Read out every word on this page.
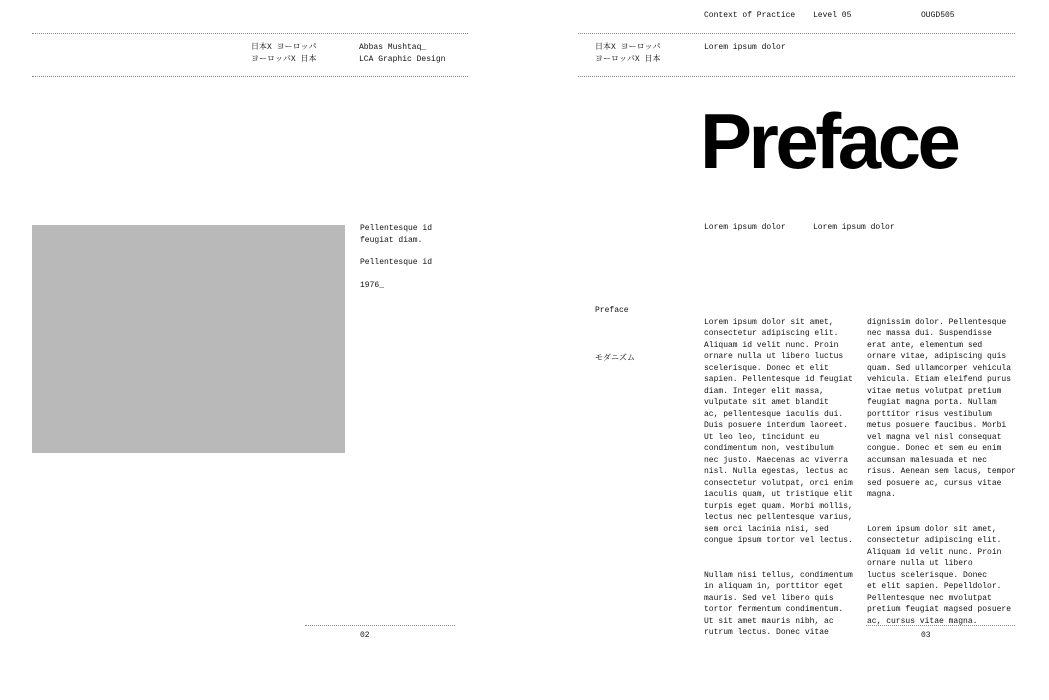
日本X ヨーロッパ
ヨーロッパX 日本
Abbas Mushtaq_
LCA Graphic Design
Pellentesque id
feugiat diam.
Pellentesque id
1976_
02
Context of Practice Level 05	OUGD505
日本X ヨーロッパ
ヨーロッパX 日本
Lorem ipsum dolor
Preface
Lorem ipsum dolor	Lorem ipsum dolor
Preface
モダニズム

Lorem ipsum dolor sit amet,
consectetur adipiscing elit.
Aliquam id velit nunc. Proin
ornare nulla ut libero luctus
scelerisque. Donec et elit
sapien. Pellentesque id feugiat
diam. Integer elit massa,
vulputate sit amet blandit
ac, pellentesque iaculis dui.
Duis posuere interdum laoreet.
Ut leo leo, tincidunt eu
condimentum non, vestibulum
nec justo. Maecenas ac viverra
nisl. Nulla egestas, lectus ac
consectetur volutpat, orci enim
iaculis quam, ut tristique elit
turpis eget quam. Morbi mollis,
lectus nec pellentesque varius,
sem orci lacinia nisi, sed
congue ipsum tortor vel lectus.

Nullam nisi tellus, condimentum
in aliquam in, porttitor eget
mauris. Sed vel libero quis
tortor fermentum condimentum.
Ut sit amet mauris nibh, ac
rutrum lectus. Donec vitae

dignissim dolor. Pellentesque
nec massa dui. Suspendisse
erat ante, elementum sed
ornare vitae, adipiscing quis
quam. Sed ullamcorper vehicula
vehicula. Etiam eleifend purus
vitae metus volutpat pretium
feugiat magna porta. Nullam
porttitor risus vestibulum
metus posuere faucibus. Morbi
vel magna vel nisl consequat
congue. Donec et sem eu enim
accumsan malesuada et nec
risus. Aenean sem lacus, tempor
sed posuere ac, cursus vitae
magna.

Lorem ipsum dolor sit amet,
consectetur adipiscing elit.
Aliquam id velit nunc. Proin
ornare nulla ut libero
luctus scelerisque. Donec
et elit sapien. Pepelldolor.
Pellentesque nec mvolutpat
pretium feugiat magsed posuere
ac, cursus vitae magna.

03
